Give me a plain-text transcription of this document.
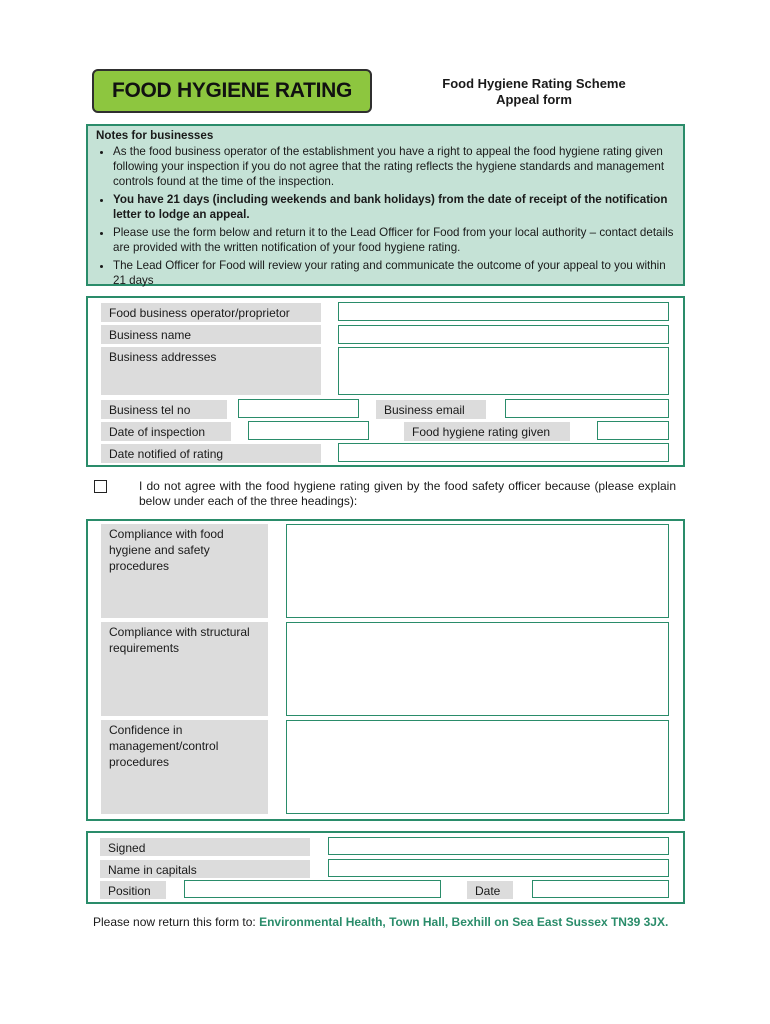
FOOD HYGIENE RATING	Food Hygiene Rating Scheme
Appeal form
Notes for businesses
• As the food business operator of the establishment you have a right to appeal the food hygiene rating given following your inspection if you do not agree that the rating reflects the hygiene standards and management controls found at the time of the inspection.
• You have 21 days (including weekends and bank holidays) from the date of receipt of the notification letter to lodge an appeal.
• Please use the form below and return it to the Lead Officer for Food from your local authority – contact details are provided with the written notification of your food hygiene rating.
• The Lead Officer for Food will review your rating and communicate the outcome of your appeal to you within 21 days
Food business operator/proprietor
Business name
Business addresses
Business tel no	Business email
Date of inspection	Food hygiene rating given
Date notified of rating
I do not agree with the food hygiene rating given by the food safety officer because (please explain below under each of the three headings):
Compliance with food hygiene and safety procedures
Compliance with structural requirements
Confidence in management/control procedures
Signed
Name in capitals
Position	Date
Please now return this form to: Environmental Health, Town Hall, Bexhill on Sea East Sussex TN39 3JX.
